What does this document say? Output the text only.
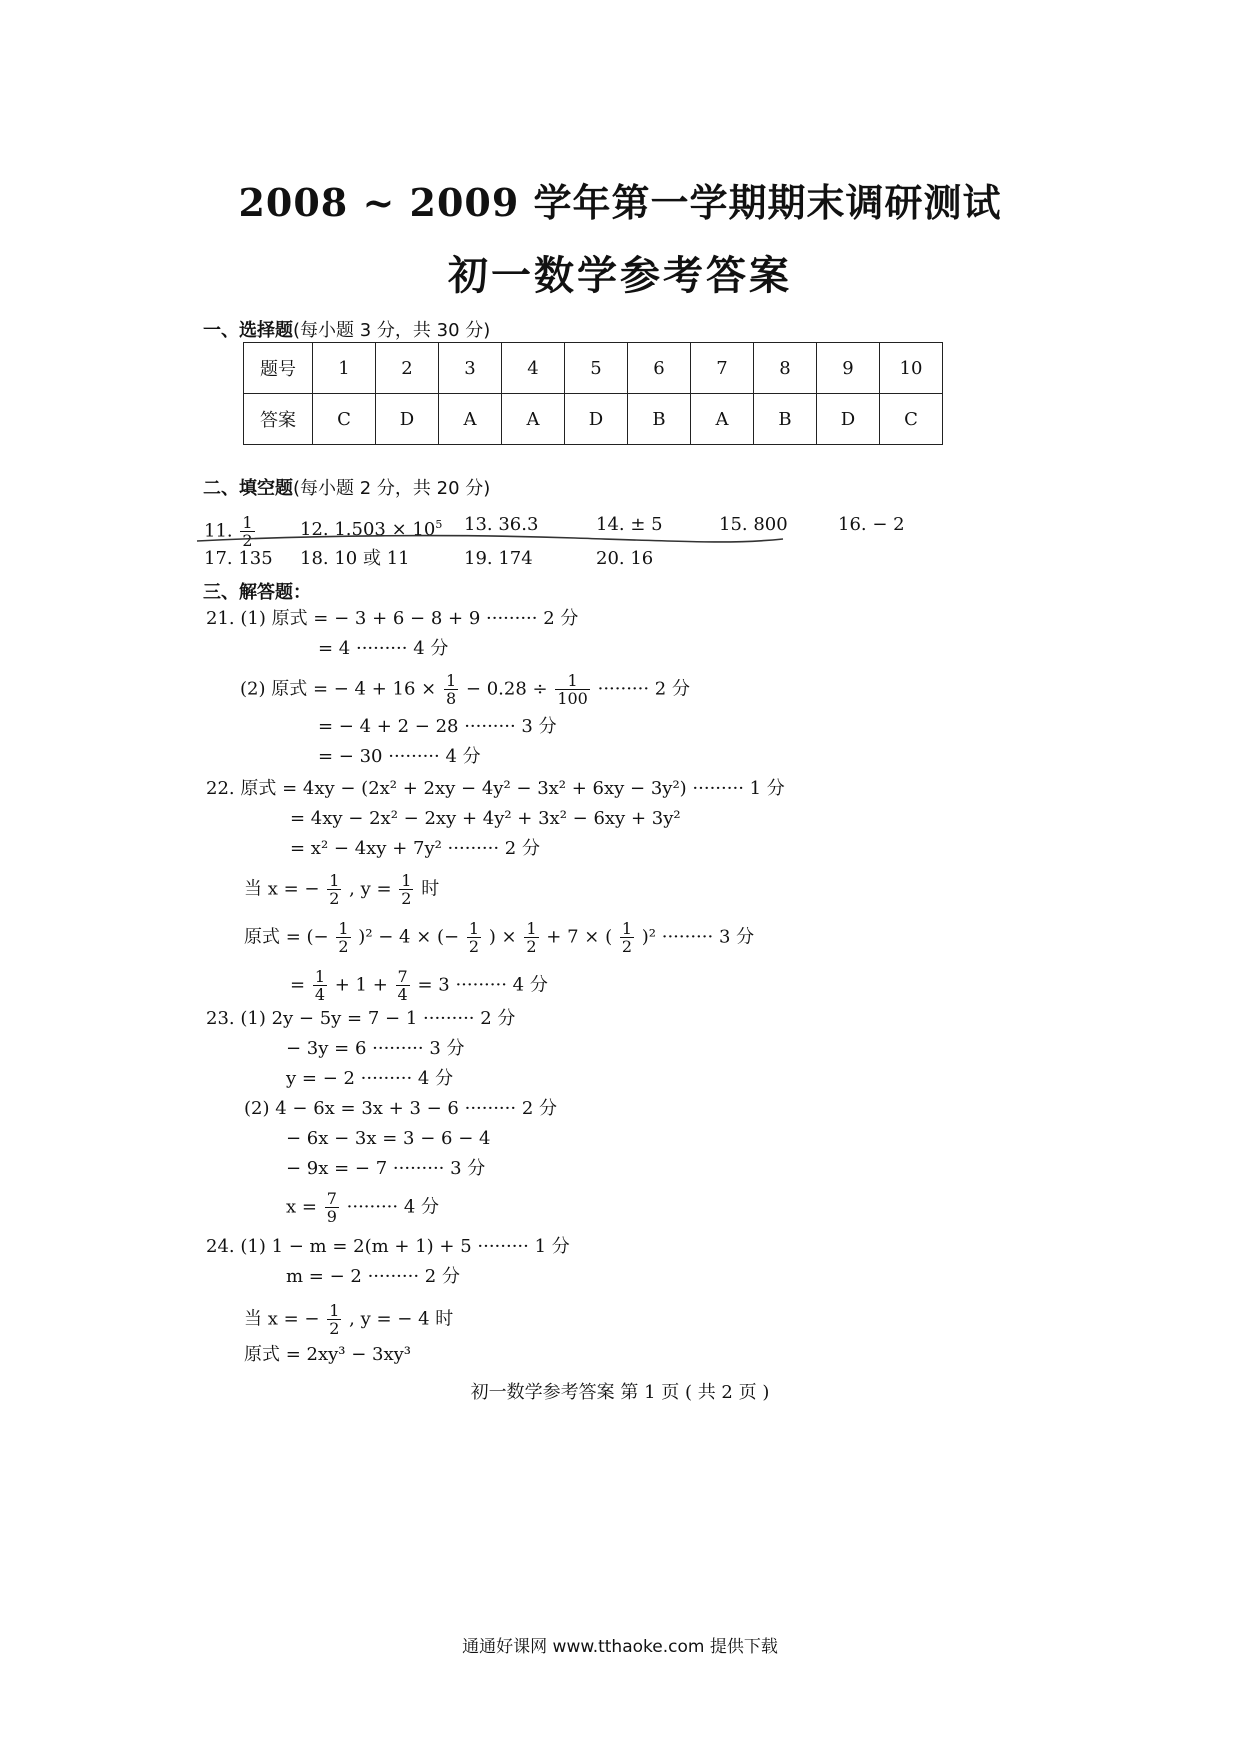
2008 ~ 2009 学年第一学期期末调研测试
初一数学参考答案
一、选择题(每小题 3 分，共 30 分)
题号	1	2	3	4	5	6	7	8	9	10
答案	C	D	A	A	D	B	A	B	D	C
二、填空题(每小题 2 分，共 20 分)
11. $\frac{1}{2}$	12. $1.503 \times 10^5$ 13. 36.3	14. ± 5	15. 800	16. − 2
17. 135 18. 10 或 11	19. 174	20. 16
三、解答题：
21. (1) 原式 = − 3 + 6 − 8 + 9 ········· 2 分
= 4 ········· 4 分
(2) 原式 = − $4 + 16 \times \frac{1}{8} - 0.28 \div \frac{1}{100}$ ········· 2 分
= − 4 + 2 − 28 ········· 3 分
= − 30 ········· 4 分
22. 原式 = 4xy − (2x² + 2xy − 4y² − 3x² + 6xy − 3y²) ········· 1 分
= 4xy − 2x² − 2xy + 4y² + 3x² − 6xy + 3y²
= x² − 4xy + 7y² ········· 2 分
当 x = − $\frac{1}{2}$ , $y = \frac{1}{2}$ 时
原式 = (− $\frac{1}{2} )^2 - 4$ × (− $\frac{1}{2}$ ) × $\frac{1}{2} + 7$ × ( $\frac{1}{2} )^2$ ········· 3 分
= $\frac{1}{4} + 1 + \frac{7}{4} = 3$ ········· 4 分
23. (1) 2y − 5y = 7 − 1 ········· 2 分
− 3y = 6 ········· 3 分
y = − 2 ········· 4 分
(2) 4 − 6x = 3x + 3 − 6 ········· 2 分
− 6x − 3x = 3 − 6 − 4
− 9x = − 7 ········· 3 分
$x = \frac{7}{9}$ ········· 4 分
24. (1) 1 − m = 2(m + 1) + 5 ········· 1 分
m = − 2 ········· 2 分
当 x = − $\frac{1}{2}$ , y = − 4 时
原式 = 2xy³ − 3xy³
初一数学参考答案 第 1 页 ( 共 2 页 )
通通好课网 www.tthaoke.com 提供下载
